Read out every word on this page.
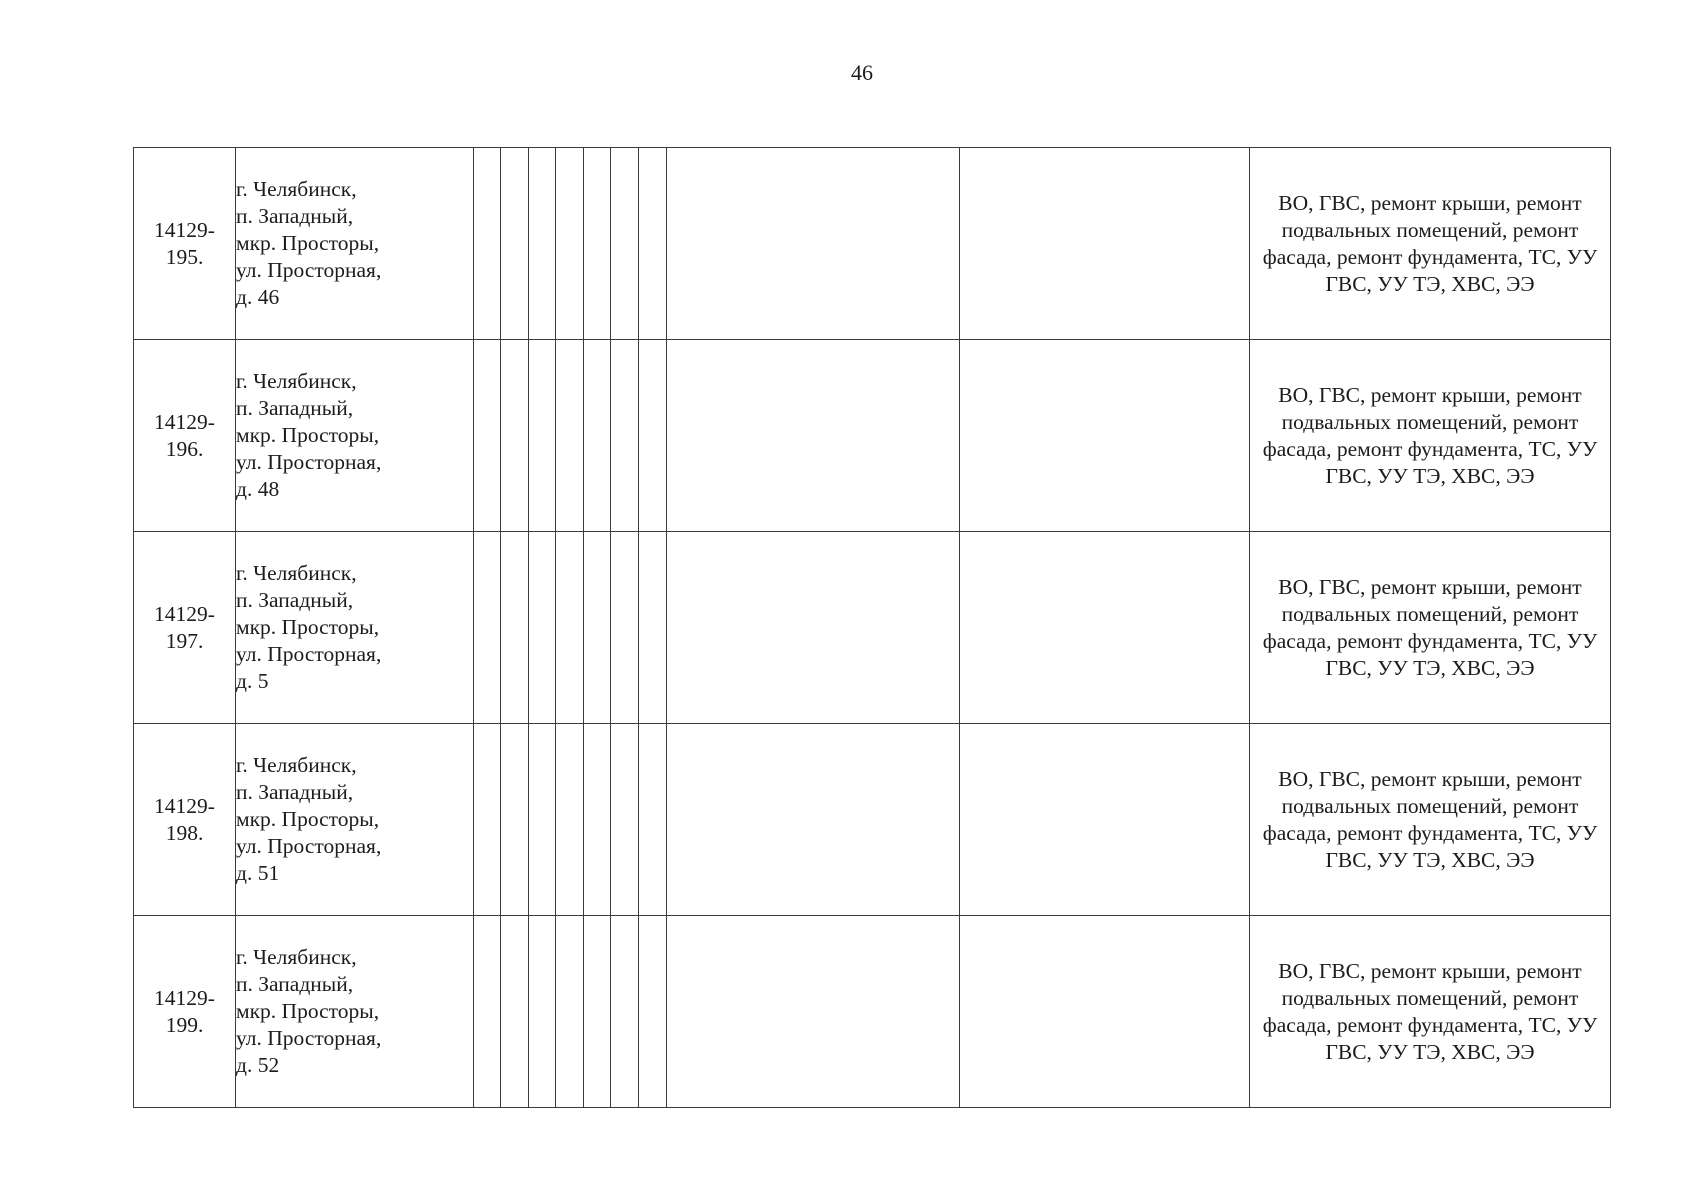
46
14129-
195.	г. Челябинск,
п. Западный,
мкр. Просторы,
ул. Просторная,
д. 46										ВО, ГВС, ремонт крыши, ремонт подвальных помещений, ремонт фасада, ремонт фундамента, ТС, УУ ГВС, УУ ТЭ, ХВС, ЭЭ
14129-
196.	г. Челябинск,
п. Западный,
мкр. Просторы,
ул. Просторная,
д. 48										ВО, ГВС, ремонт крыши, ремонт подвальных помещений, ремонт фасада, ремонт фундамента, ТС, УУ ГВС, УУ ТЭ, ХВС, ЭЭ
14129-
197.	г. Челябинск,
п. Западный,
мкр. Просторы,
ул. Просторная,
д. 5										ВО, ГВС, ремонт крыши, ремонт подвальных помещений, ремонт фасада, ремонт фундамента, ТС, УУ ГВС, УУ ТЭ, ХВС, ЭЭ
14129-
198.	г. Челябинск,
п. Западный,
мкр. Просторы,
ул. Просторная,
д. 51										ВО, ГВС, ремонт крыши, ремонт подвальных помещений, ремонт фасада, ремонт фундамента, ТС, УУ ГВС, УУ ТЭ, ХВС, ЭЭ
14129-
199.	г. Челябинск,
п. Западный,
мкр. Просторы,
ул. Просторная,
д. 52										ВО, ГВС, ремонт крыши, ремонт подвальных помещений, ремонт фасада, ремонт фундамента, ТС, УУ ГВС, УУ ТЭ, ХВС, ЭЭ
